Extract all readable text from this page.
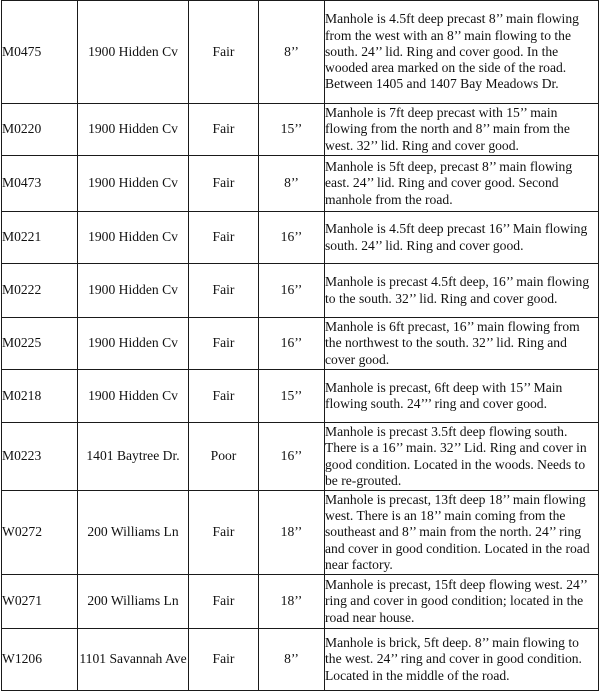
M0475	1900 Hidden Cv	Fair	8’’	Manhole is 4.5ft deep precast 8’’ main flowing from the west with an 8’’ main flowing to the south. 24’’ lid. Ring and cover good. In the wooded area marked on the side of the road. Between 1405 and 1407 Bay Meadows Dr.
M0220	1900 Hidden Cv	Fair	15’’	Manhole is 7ft deep precast with 15’’ main flowing from the north and 8’’ main from the west. 32’’ lid. Ring and cover good.
M0473	1900 Hidden Cv	Fair	8’’	Manhole is 5ft deep, precast 8’’ main flowing east. 24’’ lid. Ring and cover good. Second manhole from the road.
M0221	1900 Hidden Cv	Fair	16’’	Manhole is 4.5ft deep precast 16’’ Main flowing south. 24’’ lid. Ring and cover good.
M0222	1900 Hidden Cv	Fair	16’’	Manhole is precast 4.5ft deep, 16’’ main flowing to the south. 32’’ lid. Ring and cover good.
M0225	1900 Hidden Cv	Fair	16’’	Manhole is 6ft precast, 16’’ main flowing from the northwest to the south. 32’’ lid. Ring and cover good.
M0218	1900 Hidden Cv	Fair	15’’	Manhole is precast, 6ft deep with 15’’ Main flowing south. 24’’’ ring and cover good.
M0223	1401 Baytree Dr.	Poor	16’’	Manhole is precast 3.5ft deep flowing south. There is a 16’’ main. 32’’ Lid. Ring and cover in good condition. Located in the woods. Needs to be re-grouted.
W0272	200 Williams Ln	Fair	18’’	Manhole is precast, 13ft deep 18’’ main flowing west. There is an 18’’ main coming from the southeast and 8’’ main from the north. 24’’ ring and cover in good condition. Located in the road near factory.
W0271	200 Williams Ln	Fair	18’’	Manhole is precast, 15ft deep flowing west. 24’’ ring and cover in good condition; located in the road near house.
W1206	1101 Savannah Ave	Fair	8’’	Manhole is brick, 5ft deep. 8’’ main flowing to the west. 24’’ ring and cover in good condition. Located in the middle of the road.
